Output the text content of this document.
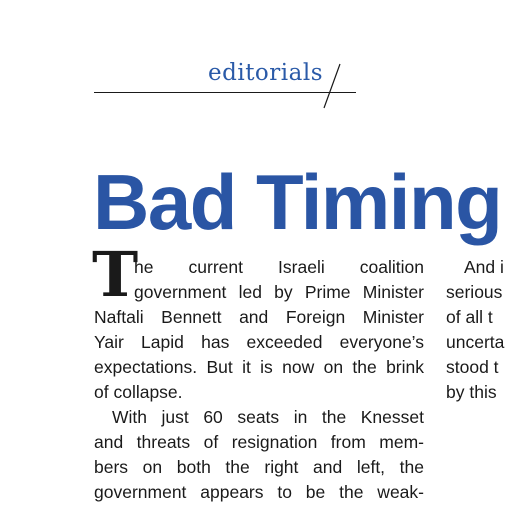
editorials
Bad Timing
T
he current Israeli coalition
government led by Prime Minister
Naftali Bennett and Foreign Minister
Yair Lapid has exceeded everyone’s
expectations. But it is now on the brink
of collapse.
With just 60 seats in the Knesset
and threats of resignation from mem-
bers on both the right and left, the
government appears to be the weak-
And i
serious
of all t
uncerta
stood t
by this
